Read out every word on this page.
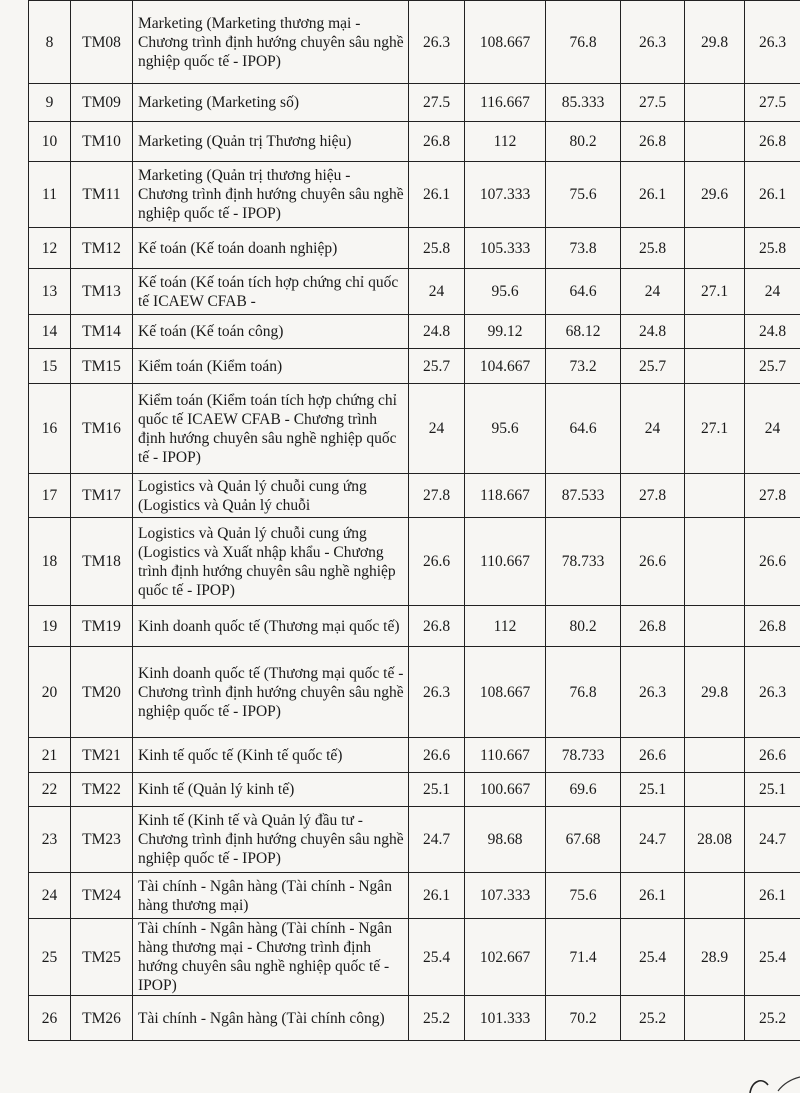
8	TM08	Marketing (Marketing thương mại - Chương trình định hướng chuyên sâu nghề nghiệp quốc tế - IPOP)	26.3	108.667	76.8	26.3	29.8	26.3
9	TM09	Marketing (Marketing số)	27.5	116.667	85.333	27.5		27.5
10	TM10	Marketing (Quản trị Thương hiệu)	26.8	112	80.2	26.8		26.8
11	TM11	Marketing (Quản trị thương hiệu - Chương trình định hướng chuyên sâu nghề nghiệp quốc tế - IPOP)	26.1	107.333	75.6	26.1	29.6	26.1
12	TM12	Kế toán (Kế toán doanh nghiệp)	25.8	105.333	73.8	25.8		25.8
13	TM13	Kế toán (Kế toán tích hợp chứng chỉ quốc tế ICAEW CFAB -	24	95.6	64.6	24	27.1	24
14	TM14	Kế toán (Kế toán công)	24.8	99.12	68.12	24.8		24.8
15	TM15	Kiểm toán (Kiểm toán)	25.7	104.667	73.2	25.7		25.7
16	TM16	Kiểm toán (Kiểm toán tích hợp chứng chỉ quốc tế ICAEW CFAB - Chương trình định hướng chuyên sâu nghề nghiệp quốc tế - IPOP)	24	95.6	64.6	24	27.1	24
17	TM17	Logistics và Quản lý chuỗi cung ứng (Logistics và Quản lý chuỗi	27.8	118.667	87.533	27.8		27.8
18	TM18	Logistics và Quản lý chuỗi cung ứng (Logistics và Xuất nhập khẩu - Chương trình định hướng chuyên sâu nghề nghiệp quốc tế - IPOP)	26.6	110.667	78.733	26.6		26.6
19	TM19	Kinh doanh quốc tế (Thương mại quốc tế)	26.8	112	80.2	26.8		26.8
20	TM20	Kinh doanh quốc tế (Thương mại quốc tế - Chương trình định hướng chuyên sâu nghề nghiệp quốc tế - IPOP)	26.3	108.667	76.8	26.3	29.8	26.3
21	TM21	Kinh tế quốc tế (Kinh tế quốc tế)	26.6	110.667	78.733	26.6		26.6
22	TM22	Kinh tế (Quản lý kinh tế)	25.1	100.667	69.6	25.1		25.1
23	TM23	Kinh tế (Kinh tế và Quản lý đầu tư - Chương trình định hướng chuyên sâu nghề nghiệp quốc tế - IPOP)	24.7	98.68	67.68	24.7	28.08	24.7
24	TM24	Tài chính - Ngân hàng (Tài chính - Ngân hàng thương mại)	26.1	107.333	75.6	26.1		26.1
25	TM25	Tài chính - Ngân hàng (Tài chính - Ngân hàng thương mại - Chương trình định hướng chuyên sâu nghề nghiệp quốc tế - IPOP)	25.4	102.667	71.4	25.4	28.9	25.4
26	TM26	Tài chính - Ngân hàng (Tài chính công)	25.2	101.333	70.2	25.2		25.2
